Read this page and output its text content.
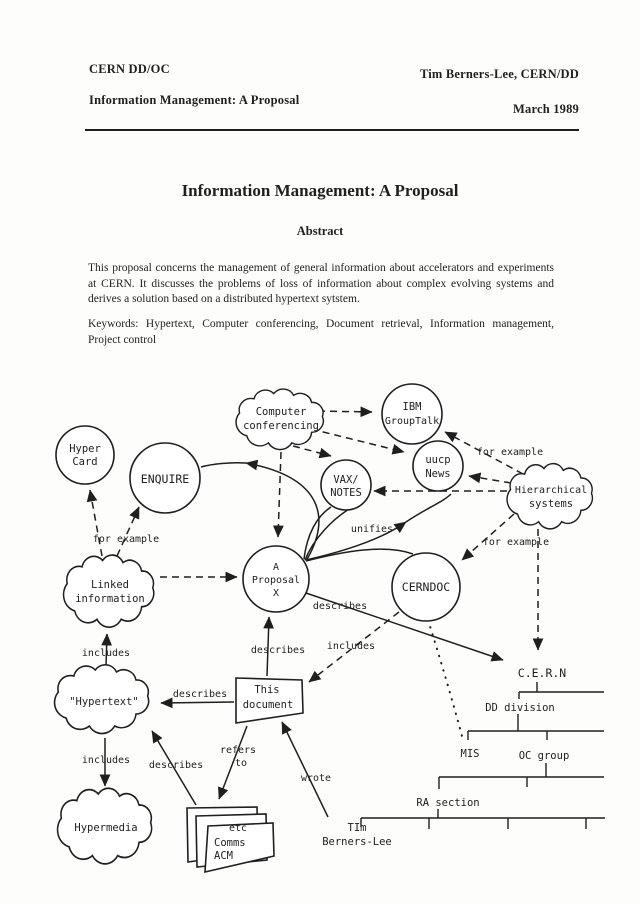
CERN DD/OC	Tim Berners-Lee, CERN/DD
Information Management: A Proposal
March 1989
Information Management: A Proposal
Abstract
This proposal concerns the management of general information about accelerators and experiments at CERN. It discusses the problems of loss of information about complex evolving systems and derives a solution based on a distributed hypertext sytstem.
Keywords: Hypertext, Computer conferencing, Document retrieval, Information management, Project control
Hyper
Card
ENQUIRE
Computer
conferencing
IBM
GroupTalk
uucp
News
VAX/
NOTES	Hierarchical
systems
A
Proposal
X	CERNDOC
Linked
information
"Hypertext"
Hypermedia
This
document
etc
Comms
ACM
C.E.R.N
DD division
MIS	OC group
RA section
TIm
Berners-Lee
for example
for example
for example
unifies
describes
describes
describes
describes
includes
includes
includes
refers
to
wrote
